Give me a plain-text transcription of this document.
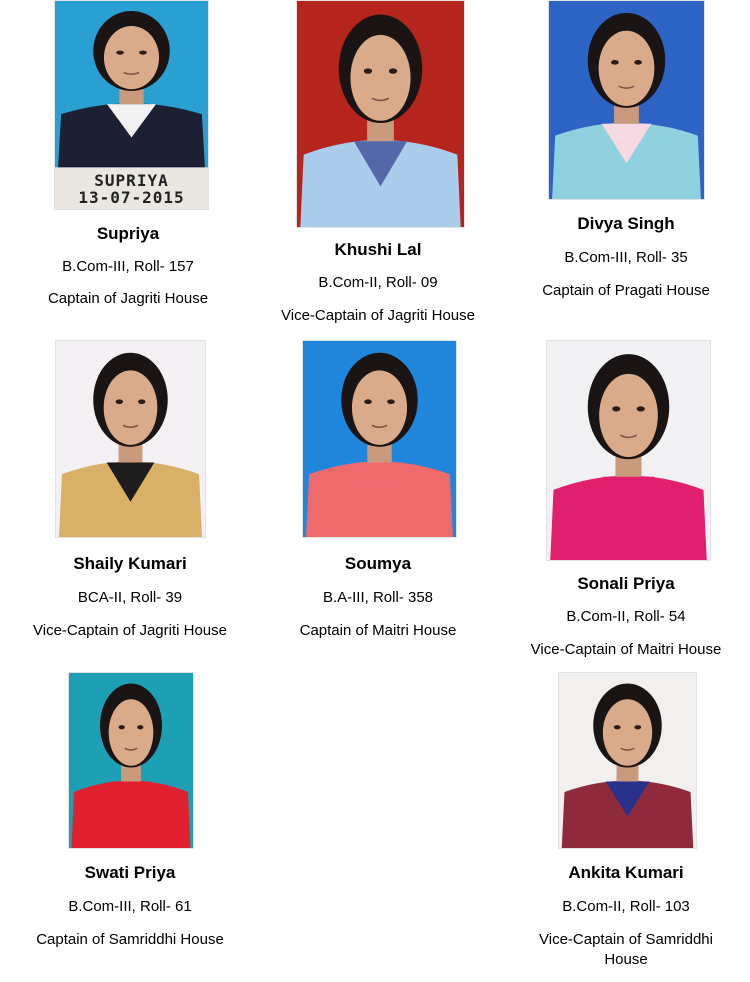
SUPRIYA
13-07-2015
Supriya
B.Com-III, Roll- 157
Captain of Jagriti House
Khushi Lal
B.Com-II, Roll- 09
Vice-Captain of Jagriti House
Divya Singh
B.Com-III, Roll- 35
Captain of Pragati House
Shaily Kumari
BCA-II, Roll- 39
Vice-Captain of Jagriti House
Soumya
B.A-III, Roll- 358
Captain of Maitri House
Sonali Priya
B.Com-II, Roll- 54
Vice-Captain of Maitri House
Swati Priya
B.Com-III, Roll- 61
Captain of Samriddhi House
Ankita Kumari
B.Com-II, Roll- 103
Vice-Captain of Samriddhi House
